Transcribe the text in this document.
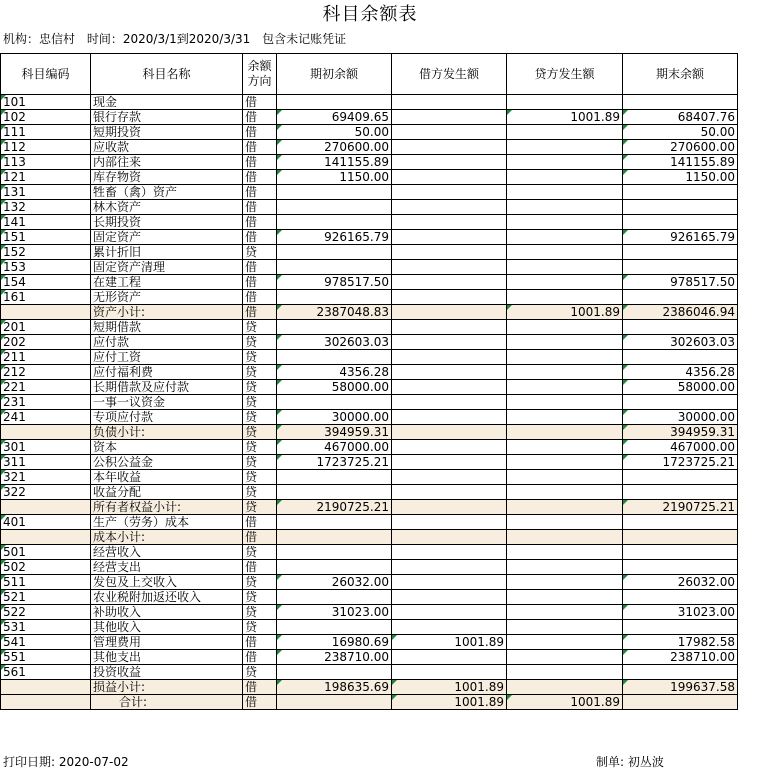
科目余额表
机构：忠信村 时间：2020/3/1到2020/3/31 包含未记账凭证
科目编码	科目名称	余额方向	期初余额	借方发生额	贷方发生额	期末余额
101	现金	借				
102	银行存款	借	69409.65		1001.89	68407.76
111	短期投资	借	50.00			50.00
112	应收款	借	270600.00			270600.00
113	内部往来	借	141155.89			141155.89
121	库存物资	借	1150.00			1150.00
131	牲畜（禽）资产	借				
132	林木资产	借				
141	长期投资	借				
151	固定资产	借	926165.79			926165.79
152	累计折旧	贷				
153	固定资产清理	借				
154	在建工程	借	978517.50			978517.50
161	无形资产	借				
	资产小计:	借	2387048.83		1001.89	2386046.94
201	短期借款	贷				
202	应付款	贷	302603.03			302603.03
211	应付工资	贷				
212	应付福利费	贷	4356.28			4356.28
221	长期借款及应付款	贷	58000.00			58000.00
231	一事一议资金	贷				
241	专项应付款	贷	30000.00			30000.00
	负债小计:	贷	394959.31			394959.31
301	资本	贷	467000.00			467000.00
311	公积公益金	贷	1723725.21			1723725.21
321	本年收益	贷				
322	收益分配	贷				
	所有者权益小计:	贷	2190725.21			2190725.21
401	生产（劳务）成本	借				
	成本小计:	借				
501	经营收入	贷				
502	经营支出	借				
511	发包及上交收入	贷	26032.00			26032.00
521	农业税附加返还收入	贷				
522	补助收入	贷	31023.00			31023.00
531	其他收入	贷				
541	管理费用	借	16980.69	1001.89		17982.58
551	其他支出	借	238710.00			238710.00
561	投资收益	贷				
	损益小计:	借	198635.69	1001.89		199637.58
	合计:	借		1001.89	1001.89	
打印日期: 2020-07-02	制单: 初丛波
